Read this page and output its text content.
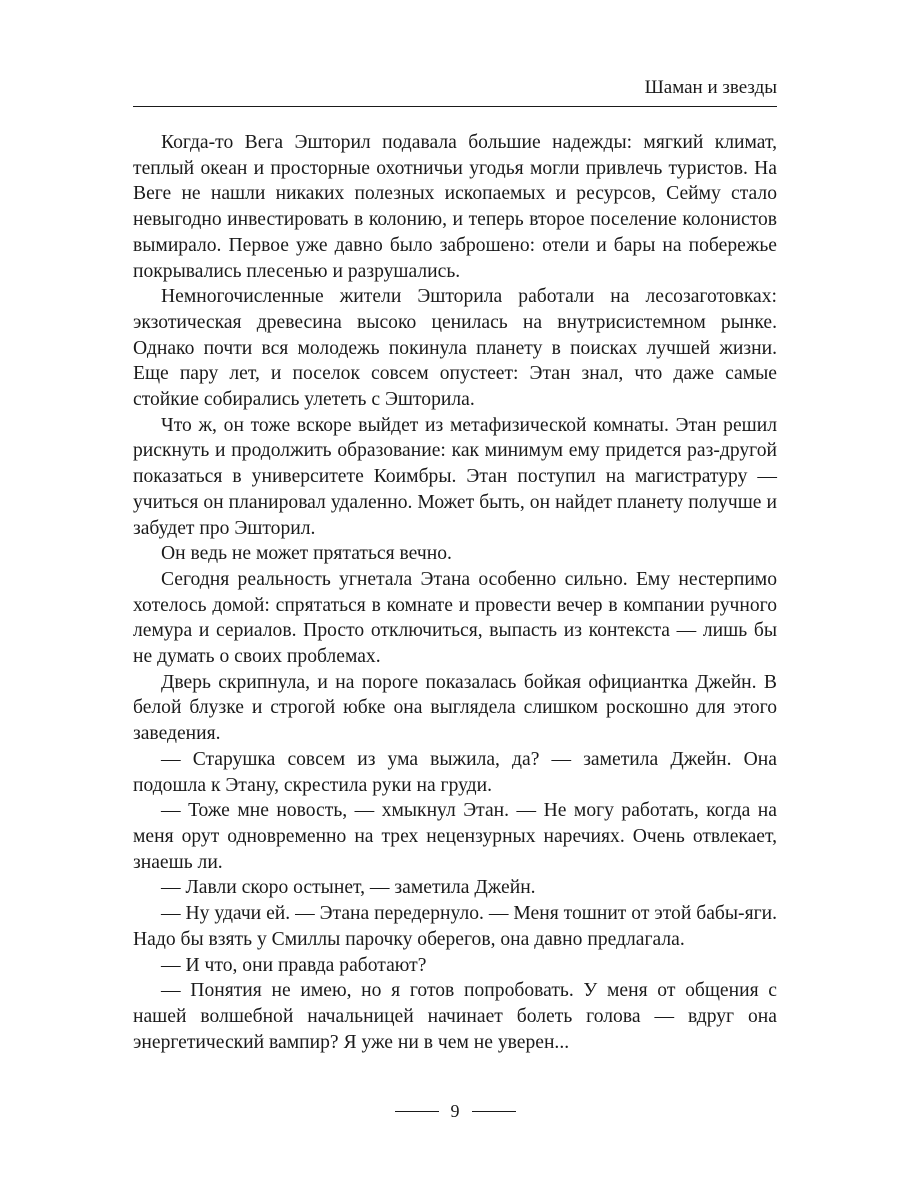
Шаман и звезды

Когда-то Вега Эшторил подавала большие надежды: мягкий климат, теплый океан и просторные охотничьи угодья могли привлечь туристов. На Веге не нашли никаких полезных ископаемых и ресурсов, Сейму стало невыгодно инвестировать в колонию, и теперь второе поселение колонистов вымирало. Первое уже давно было заброшено: отели и бары на побережье покрывались плесенью и разрушались.

Немногочисленные жители Эшторила работали на лесозаготовках: экзотическая древесина высоко ценилась на внутрисистемном рынке. Однако почти вся молодежь покинула планету в поисках лучшей жизни. Еще пару лет, и поселок совсем опустеет: Этан знал, что даже самые стойкие собирались улететь с Эшторила.

Что ж, он тоже вскоре выйдет из метафизической комнаты. Этан решил рискнуть и продолжить образование: как минимум ему придется раз-другой показаться в университете Коимбры. Этан поступил на магистратуру — учиться он планировал удаленно. Может быть, он найдет планету получше и забудет про Эшторил.

Он ведь не может прятаться вечно.

Сегодня реальность угнетала Этана особенно сильно. Ему нестерпимо хотелось домой: спрятаться в комнате и провести вечер в компании ручного лемура и сериалов. Просто отключиться, выпасть из контекста — лишь бы не думать о своих проблемах.

Дверь скрипнула, и на пороге показалась бойкая официантка Джейн. В белой блузке и строгой юбке она выглядела слишком роскошно для этого заведения.

— Старушка совсем из ума выжила, да? — заметила Джейн. Она подошла к Этану, скрестила руки на груди.

— Тоже мне новость, — хмыкнул Этан. — Не могу работать, когда на меня орут одновременно на трех нецензурных наречиях. Очень отвлекает, знаешь ли.

— Лавли скоро остынет, — заметила Джейн.

— Ну удачи ей. — Этана передернуло. — Меня тошнит от этой бабы-яги. Надо бы взять у Смиллы парочку оберегов, она давно предлагала.

— И что, они правда работают?

— Понятия не имею, но я готов попробовать. У меня от общения с нашей волшебной начальницей начинает болеть голова — вдруг она энергетический вампир? Я уже ни в чем не уверен...

9
